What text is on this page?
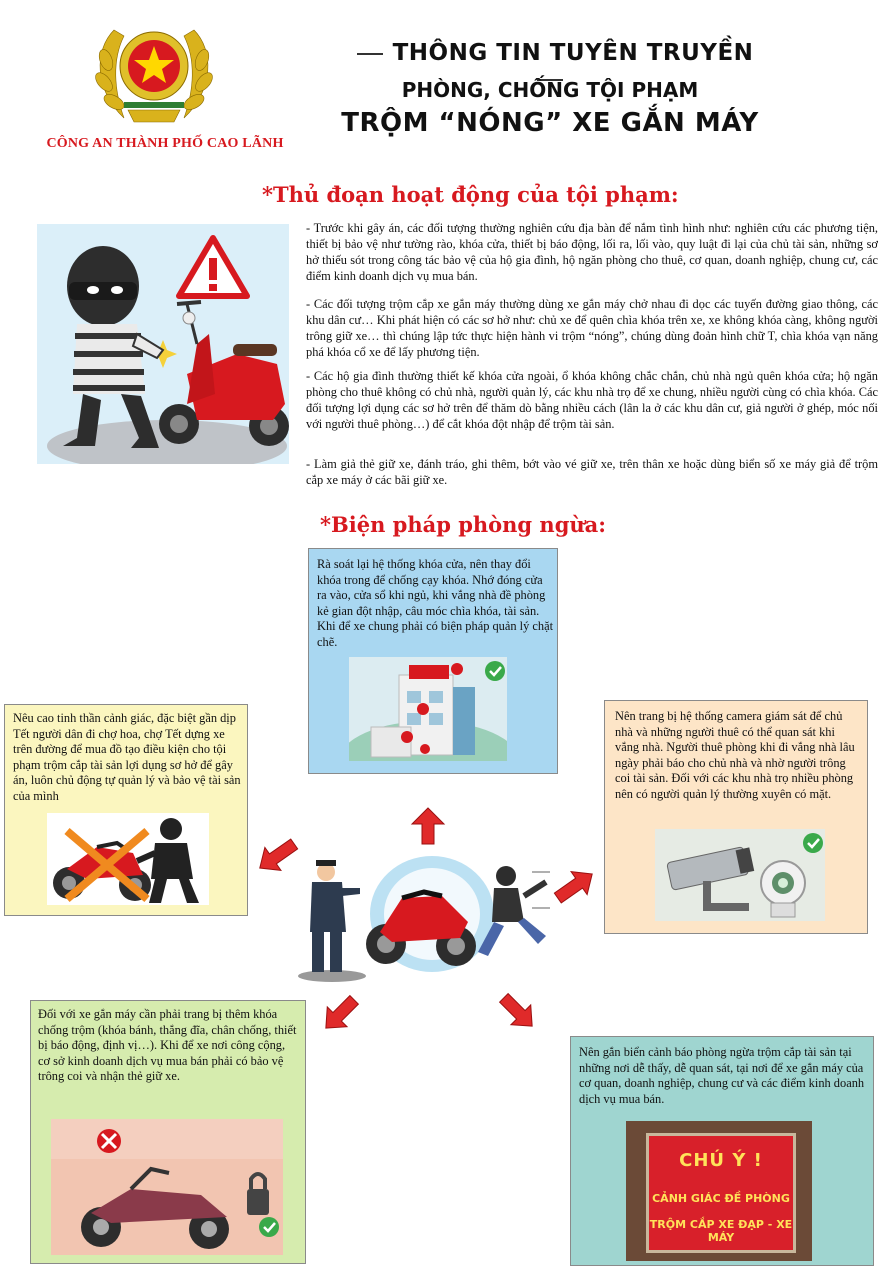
CÔNG AN THÀNH PHỐ CAO LÃNH
THÔNG TIN TUYÊN TRUYỀN
PHÒNG, CHỐNG TỘI PHẠM
TRỘM “NÓNG” XE GẮN MÁY
*Thủ đoạn hoạt động của tội phạm:

- Trước khi gây án, các đối tượng thường nghiên cứu địa bàn để nắm tình hình như: nghiên cứu các phương tiện, thiết bị bảo vệ như tường rào, khóa cửa, thiết bị báo động, lối ra, lối vào, quy luật đi lại của chủ tài sản, những sơ hở thiếu sót trong công tác bảo vệ của hộ gia đình, hộ ngăn phòng cho thuê, cơ quan, doanh nghiệp, chung cư, các điểm kinh doanh dịch vụ mua bán.

- Các đối tượng trộm cắp xe gắn máy thường dùng xe gắn máy chở nhau đi dọc các tuyến đường giao thông, các khu dân cư… Khi phát hiện có các sơ hở như: chủ xe để quên chìa khóa trên xe, xe không khóa càng, không người trông giữ xe… thì chúng lập tức thực hiện hành vi trộm “nóng”, chúng dùng đoản hình chữ T, chìa khóa vạn năng phá khóa cổ xe để lấy phương tiện.

- Các hộ gia đình thường thiết kế khóa cửa ngoài, ổ khóa không chắc chắn, chủ nhà ngủ quên khóa cửa; hộ ngăn phòng cho thuê không có chủ nhà, người quản lý, các khu nhà trọ để xe chung, nhiều người cùng có chìa khóa. Các đối tượng lợi dụng các sơ hở trên để thăm dò bằng nhiều cách (lân la ở các khu dân cư, giả người ở ghép, móc nối với người thuê phòng…) để cắt khóa đột nhập để trộm tài sản.

- Làm giả thẻ giữ xe, đánh tráo, ghi thêm, bớt vào vé giữ xe, trên thân xe hoặc dùng biển số xe máy giả để trộm cắp xe máy ở các bãi giữ xe.

*Biện pháp phòng ngừa:
Rà soát lại hệ thống khóa cửa, nên thay đổi khóa trong để chống cạy khóa. Nhớ đóng cửa ra vào, cửa sổ khi ngủ, khi vắng nhà đề phòng kẻ gian đột nhập, câu móc chìa khóa, tài sản. Khi để xe chung phải có biện pháp quản lý chặt chẽ.
Nêu cao tinh thần cảnh giác, đặc biệt gần dịp Tết người dân đi chợ hoa, chợ Tết dựng xe trên đường để mua đồ tạo điều kiện cho tội phạm trộm cắp tài sản lợi dụng sơ hở để gây án, luôn chủ động tự quản lý và bảo vệ tài sản của mình
Nên trang bị hệ thống camera giám sát để chủ nhà và những người thuê có thể quan sát khi vắng nhà. Người thuê phòng khi đi vắng nhà lâu ngày phải báo cho chủ nhà và nhờ người trông coi tài sản. Đối với các khu nhà trọ nhiều phòng nên có người quản lý thường xuyên có mặt.
Đối với xe gắn máy cần phải trang bị thêm khóa chống trộm (khóa bánh, thắng đĩa, chân chống, thiết bị báo động, định vị…). Khi để xe nơi công cộng, cơ sở kinh doanh dịch vụ mua bán phải có bảo vệ trông coi và nhận thẻ giữ xe.
Nên gắn biển cảnh báo phòng ngừa trộm cắp tài sản tại những nơi dễ thấy, dễ quan sát, tại nơi để xe gắn máy của cơ quan, doanh nghiệp, chung cư và các điểm kinh doanh dịch vụ mua bán.
CHÚ Ý !
CẢNH GIÁC ĐỀ PHÒNG
TRỘM CẮP XE ĐẠP - XE MÁY
